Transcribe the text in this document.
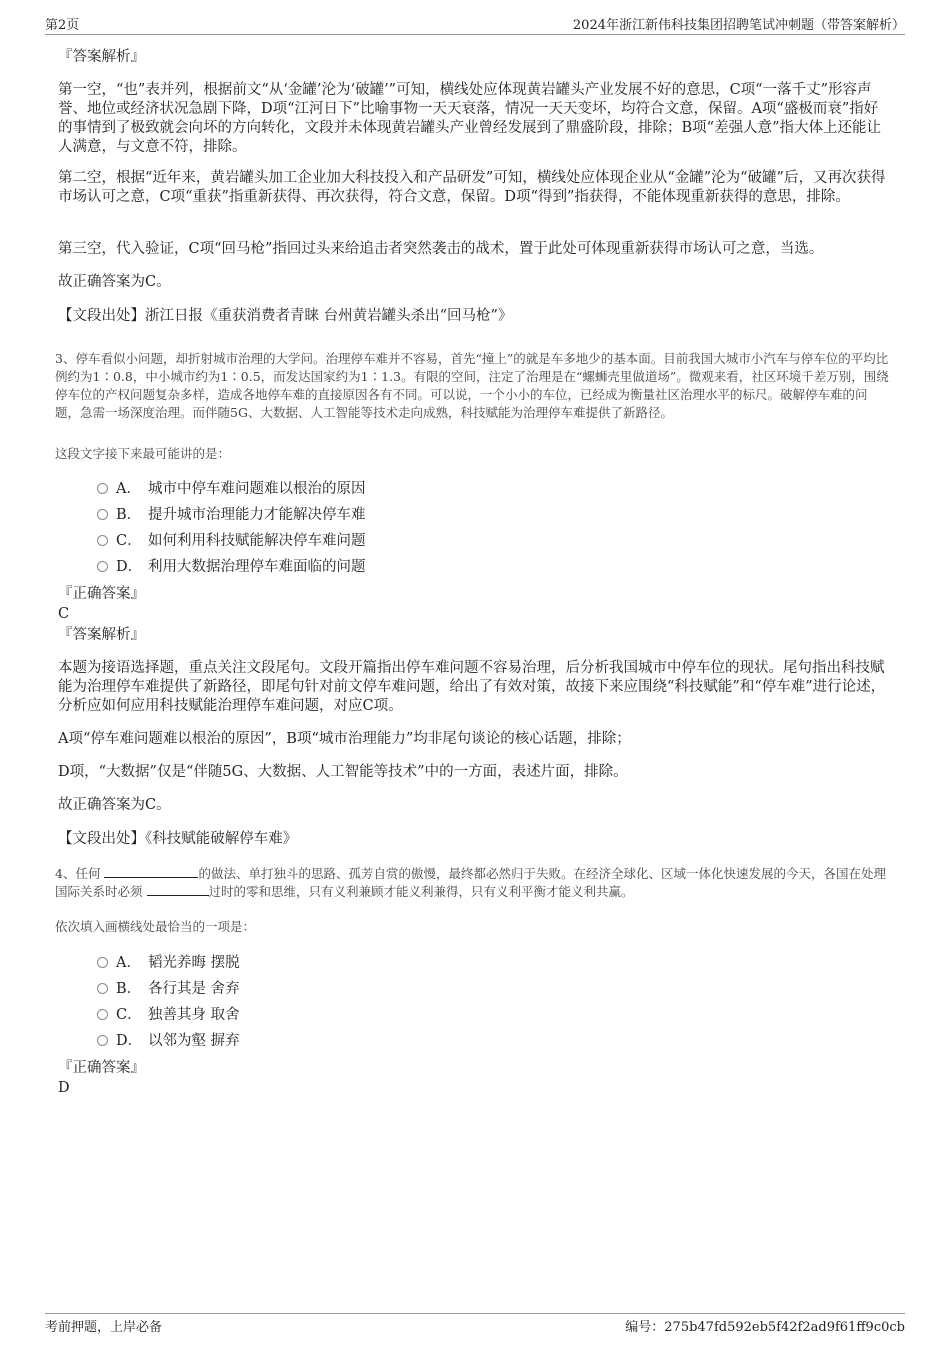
第2页	2024年浙江新伟科技集团招聘笔试冲刺题（带答案解析）
『答案解析』
第一空，“也”表并列，根据前文“从‘金罐’沦为‘破罐’”可知，横线处应体现黄岩罐头产业发展不好的意思，C项“一落千丈”形容声誉、地位或经济状况急剧下降，D项“江河日下”比喻事物一天天衰落，情况一天天变坏，均符合文意，保留。A项“盛极而衰”指好的事情到了极致就会向坏的方向转化，文段并未体现黄岩罐头产业曾经发展到了鼎盛阶段，排除；B项“差强人意”指大体上还能让人满意，与文意不符，排除。
第二空，根据“近年来，黄岩罐头加工企业加大科技投入和产品研发”可知，横线处应体现企业从“金罐”沦为“破罐”后，又再次获得市场认可之意，C项“重获”指重新获得、再次获得，符合文意，保留。D项“得到”指获得，不能体现重新获得的意思，排除。
第三空，代入验证，C项“回马枪”指回过头来给追击者突然袭击的战术，置于此处可体现重新获得市场认可之意，当选。
故正确答案为C。
【文段出处】浙江日报《重获消费者青睐 台州黄岩罐头杀出“回马枪”》
3、停车看似小问题，却折射城市治理的大学问。治理停车难并不容易，首先“撞上”的就是车多地少的基本面。目前我国大城市小汽车与停车位的平均比例约为1∶0.8，中小城市约为1∶0.5，而发达国家约为1∶1.3。有限的空间，注定了治理是在“螺蛳壳里做道场”。微观来看，社区环境千差万别，围绕停车位的产权问题复杂多样，造成各地停车难的直接原因各有不同。可以说，一个小小的车位，已经成为衡量社区治理水平的标尺。破解停车难的问题，急需一场深度治理。而伴随5G、大数据、人工智能等技术走向成熟，科技赋能为治理停车难提供了新路径。
这段文字接下来最可能讲的是：
A． 城市中停车难问题难以根治的原因
B． 提升城市治理能力才能解决停车难
C． 如何利用科技赋能解决停车难问题
D． 利用大数据治理停车难面临的问题
『正确答案』
C
『答案解析』
本题为接语选择题，重点关注文段尾句。文段开篇指出停车难问题不容易治理，后分析我国城市中停车位的现状。尾句指出科技赋能为治理停车难提供了新路径，即尾句针对前文停车难问题，给出了有效对策，故接下来应围绕“科技赋能”和“停车难”进行论述，分析应如何应用科技赋能治理停车难问题，对应C项。
A项“停车难问题难以根治的原因”，B项“城市治理能力”均非尾句谈论的核心话题，排除；
D项，“大数据”仅是“伴随5G、大数据、人工智能等技术”中的一方面，表述片面，排除。
故正确答案为C。
【文段出处】《科技赋能破解停车难》
4、任何	的做法、单打独斗的思路、孤芳自赏的傲慢，最终都必然归于失败。在经济全球化、区域一体化快速发展的今天，各国在处理国际关系时必须	过时的零和思维，只有义利兼顾才能义利兼得，只有义利平衡才能义利共赢。
依次填入画横线处最恰当的一项是：
A． 韬光养晦 摆脱
B． 各行其是 舍弃
C． 独善其身 取舍
D． 以邻为壑 摒弃
『正确答案』
D
考前押题，上岸必备	编号：275b47fd592eb5f42f2ad9f61ff9c0cb
